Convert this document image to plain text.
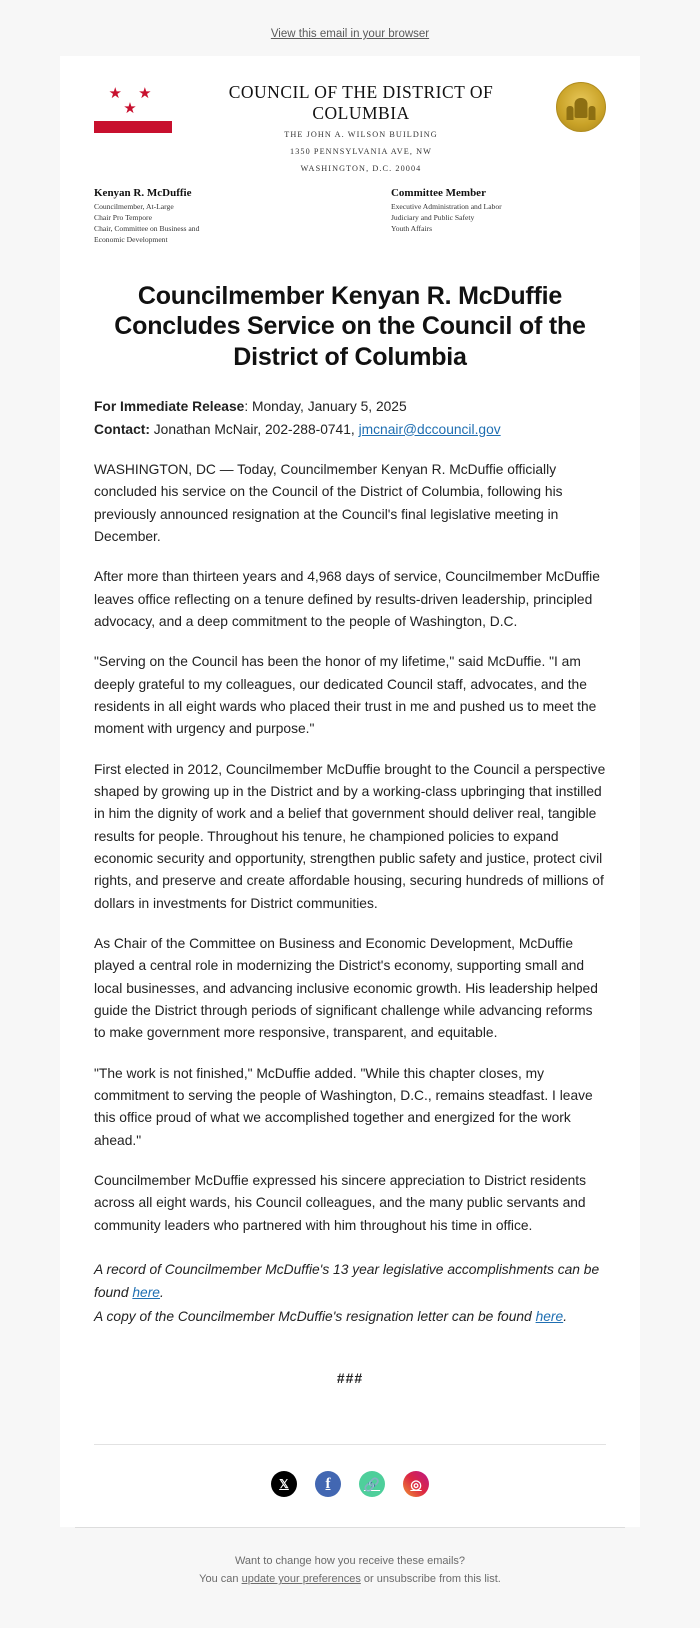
View this email in your browser
★ ★ ★
COUNCIL OF THE DISTRICT OF COLUMBIA
THE JOHN A. WILSON BUILDING
1350 PENNSYLVANIA AVE, NW
WASHINGTON, D.C. 20004
Kenyan R. McDuffie
Councilmember, At-Large
Chair Pro Tempore
Chair, Committee on Business and
Economic Development
Committee Member
Executive Administration and Labor
Judiciary and Public Safety
Youth Affairs
Councilmember Kenyan R. McDuffie Concludes Service on the Council of the District of Columbia
For Immediate Release: Monday, January 5, 2025
Contact: Jonathan McNair, 202-288-0741, jmcnair@dccouncil.gov

WASHINGTON, DC — Today, Councilmember Kenyan R. McDuffie officially concluded his service on the Council of the District of Columbia, following his previously announced resignation at the Council's final legislative meeting in December.

After more than thirteen years and 4,968 days of service, Councilmember McDuffie leaves office reflecting on a tenure defined by results-driven leadership, principled advocacy, and a deep commitment to the people of Washington, D.C.

"Serving on the Council has been the honor of my lifetime," said McDuffie. "I am deeply grateful to my colleagues, our dedicated Council staff, advocates, and the residents in all eight wards who placed their trust in me and pushed us to meet the moment with urgency and purpose."

First elected in 2012, Councilmember McDuffie brought to the Council a perspective shaped by growing up in the District and by a working-class upbringing that instilled in him the dignity of work and a belief that government should deliver real, tangible results for people. Throughout his tenure, he championed policies to expand economic security and opportunity, strengthen public safety and justice, protect civil rights, and preserve and create affordable housing, securing hundreds of millions of dollars in investments for District communities.

As Chair of the Committee on Business and Economic Development, McDuffie played a central role in modernizing the District's economy, supporting small and local businesses, and advancing inclusive economic growth. His leadership helped guide the District through periods of significant challenge while advancing reforms to make government more responsive, transparent, and equitable.

"The work is not finished," McDuffie added. "While this chapter closes, my commitment to serving the people of Washington, D.C., remains steadfast. I leave this office proud of what we accomplished together and energized for the work ahead."

Councilmember McDuffie expressed his sincere appreciation to District residents across all eight wards, his Council colleagues, and the many public servants and community leaders who partnered with him throughout his time in office.

A record of Councilmember McDuffie's 13 year legislative accomplishments can be found here.
A copy of the Councilmember McDuffie's resignation letter can be found here.
###
𝕏	f	🔗	◎
Want to change how you receive these emails?
You can update your preferences or unsubscribe from this list.
